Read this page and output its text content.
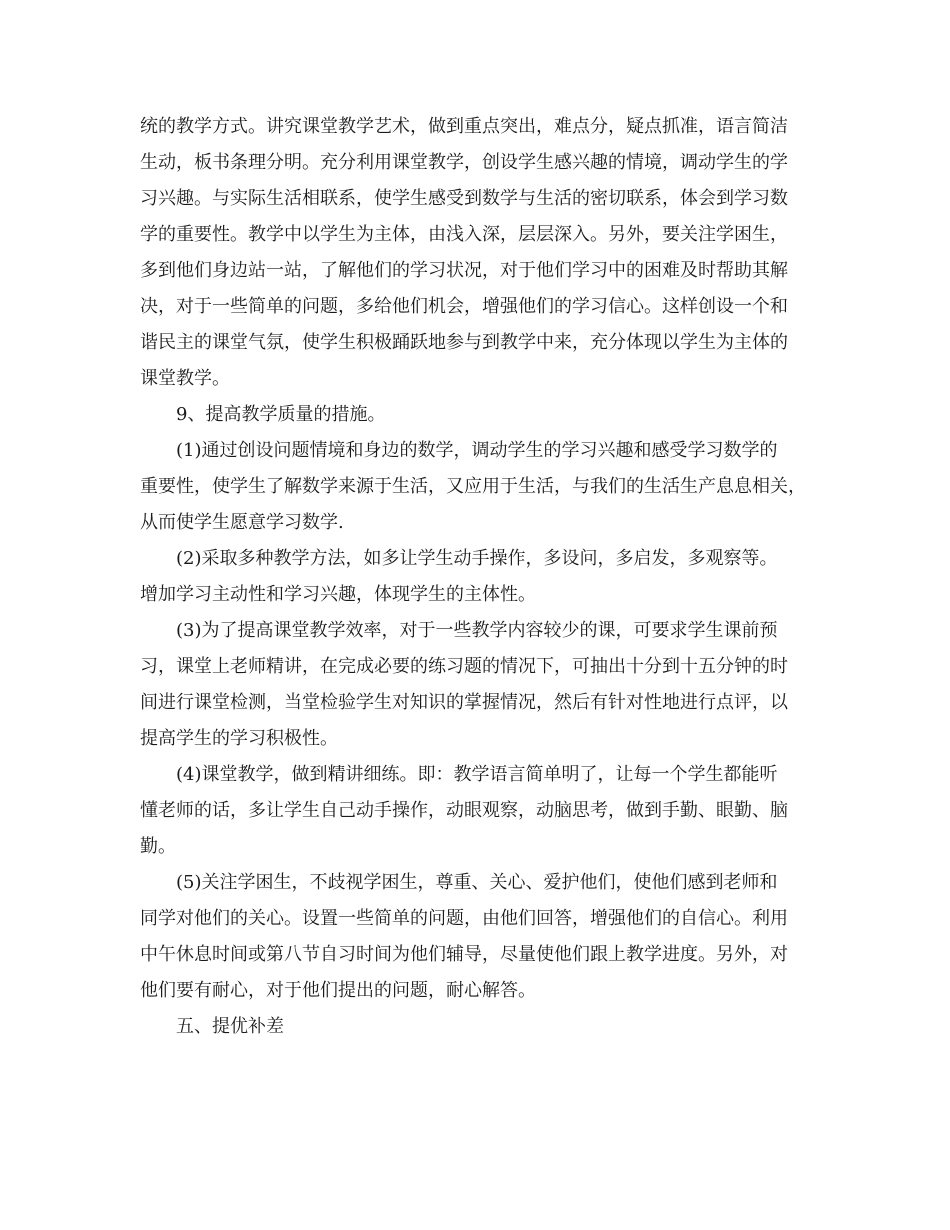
统的教学方式。讲究课堂教学艺术，做到重点突出，难点分，疑点抓准，语言简洁
生动，板书条理分明。充分利用课堂教学，创设学生感兴趣的情境，调动学生的学
习兴趣。与实际生活相联系，使学生感受到数学与生活的密切联系，体会到学习数
学的重要性。教学中以学生为主体，由浅入深，层层深入。另外，要关注学困生，
多到他们身边站一站，了解他们的学习状况，对于他们学习中的困难及时帮助其解
决，对于一些简单的问题，多给他们机会，增强他们的学习信心。这样创设一个和
谐民主的课堂气氛，使学生积极踊跃地参与到教学中来，充分体现以学生为主体的
课堂教学。
9、提高教学质量的措施。
(1)通过创设问题情境和身边的数学，调动学生的学习兴趣和感受学习数学的
重要性，使学生了解数学来源于生活，又应用于生活，与我们的生活生产息息相关，
从而使学生愿意学习数学.
(2)采取多种教学方法，如多让学生动手操作，多设问，多启发，多观察等。
增加学习主动性和学习兴趣，体现学生的主体性。
(3)为了提高课堂教学效率，对于一些教学内容较少的课，可要求学生课前预
习，课堂上老师精讲，在完成必要的练习题的情况下，可抽出十分到十五分钟的时
间进行课堂检测，当堂检验学生对知识的掌握情况，然后有针对性地进行点评，以
提高学生的学习积极性。
(4)课堂教学，做到精讲细练。即：教学语言简单明了，让每一个学生都能听
懂老师的话，多让学生自己动手操作，动眼观察，动脑思考，做到手勤、眼勤、脑
勤。
(5)关注学困生，不歧视学困生，尊重、关心、爱护他们，使他们感到老师和
同学对他们的关心。设置一些简单的问题，由他们回答，增强他们的自信心。利用
中午休息时间或第八节自习时间为他们辅导，尽量使他们跟上教学进度。另外，对
他们要有耐心，对于他们提出的问题，耐心解答。
五、提优补差
